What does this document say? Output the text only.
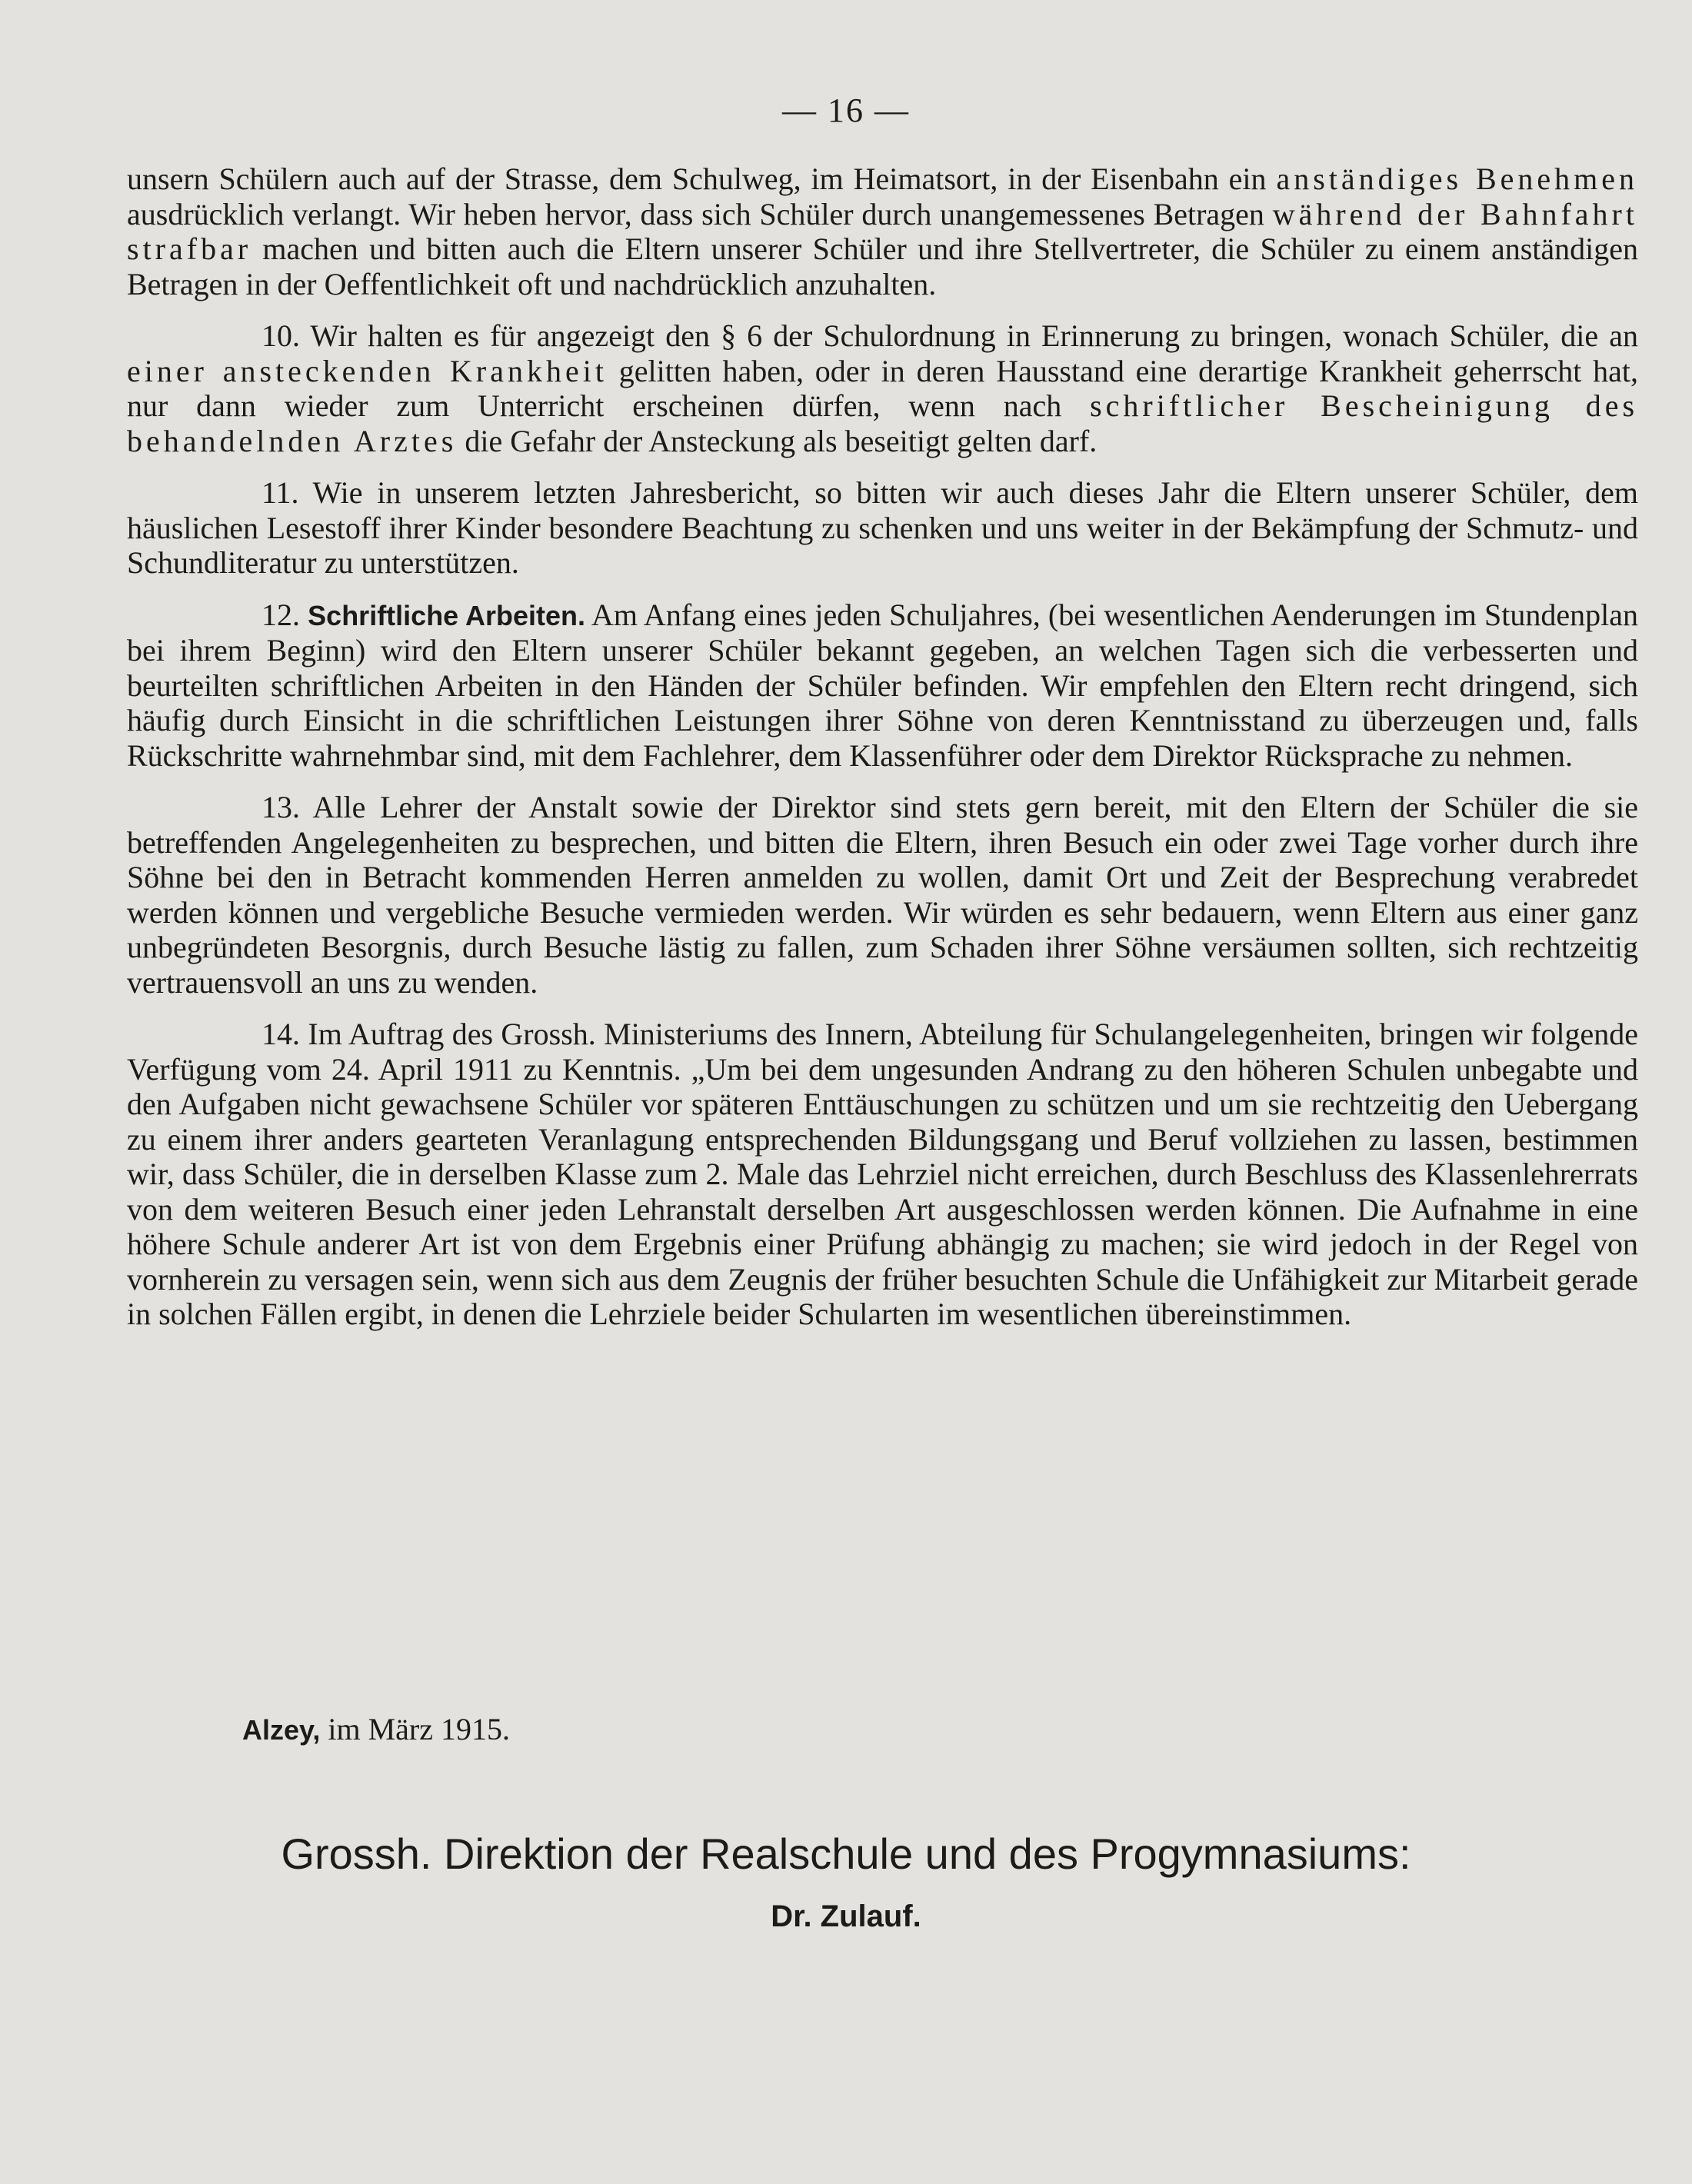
— 16 —

unsern Schülern auch auf der Strasse, dem Schulweg, im Heimatsort, in der Eisenbahn ein anständiges Benehmen ausdrücklich verlangt. Wir heben hervor, dass sich Schüler durch unangemessenes Betragen während der Bahnfahrt strafbar machen und bitten auch die Eltern unserer Schüler und ihre Stellvertreter, die Schüler zu einem anständigen Betragen in der Oeffentlichkeit oft und nachdrücklich anzuhalten.

10. Wir halten es für angezeigt den § 6 der Schulordnung in Erinnerung zu bringen, wonach Schüler, die an einer ansteckenden Krankheit gelitten haben, oder in deren Hausstand eine derartige Krankheit geherrscht hat, nur dann wieder zum Unterricht erscheinen dürfen, wenn nach schriftlicher Bescheinigung des behandelnden Arztes die Gefahr der Ansteckung als beseitigt gelten darf.

11. Wie in unserem letzten Jahresbericht, so bitten wir auch dieses Jahr die Eltern unserer Schüler, dem häuslichen Lesestoff ihrer Kinder besondere Beachtung zu schenken und uns weiter in der Bekämpfung der Schmutz- und Schundliteratur zu unterstützen.

12. Schriftliche Arbeiten. Am Anfang eines jeden Schuljahres, (bei wesentlichen Aenderungen im Stundenplan bei ihrem Beginn) wird den Eltern unserer Schüler bekannt gegeben, an welchen Tagen sich die verbesserten und beurteilten schriftlichen Arbeiten in den Händen der Schüler befinden. Wir empfehlen den Eltern recht dringend, sich häufig durch Einsicht in die schriftlichen Leistungen ihrer Söhne von deren Kenntnisstand zu überzeugen und, falls Rückschritte wahrnehmbar sind, mit dem Fachlehrer, dem Klassenführer oder dem Direktor Rücksprache zu nehmen.

13. Alle Lehrer der Anstalt sowie der Direktor sind stets gern bereit, mit den Eltern der Schüler die sie betreffenden Angelegenheiten zu besprechen, und bitten die Eltern, ihren Besuch ein oder zwei Tage vorher durch ihre Söhne bei den in Betracht kommenden Herren anmelden zu wollen, damit Ort und Zeit der Besprechung verabredet werden können und vergebliche Besuche vermieden werden. Wir würden es sehr bedauern, wenn Eltern aus einer ganz unbegründeten Besorgnis, durch Besuche lästig zu fallen, zum Schaden ihrer Söhne versäumen sollten, sich rechtzeitig vertrauensvoll an uns zu wenden.

14. Im Auftrag des Grossh. Ministeriums des Innern, Abteilung für Schulangelegenheiten, bringen wir folgende Verfügung vom 24. April 1911 zu Kenntnis. „Um bei dem ungesunden Andrang zu den höheren Schulen unbegabte und den Aufgaben nicht gewachsene Schüler vor späteren Enttäuschungen zu schützen und um sie rechtzeitig den Uebergang zu einem ihrer anders gearteten Veranlagung entsprechenden Bildungsgang und Beruf vollziehen zu lassen, bestimmen wir, dass Schüler, die in derselben Klasse zum 2. Male das Lehrziel nicht erreichen, durch Beschluss des Klassenlehrerrats von dem weiteren Besuch einer jeden Lehranstalt derselben Art ausgeschlossen werden können. Die Aufnahme in eine höhere Schule anderer Art ist von dem Ergebnis einer Prüfung abhängig zu machen; sie wird jedoch in der Regel von vornherein zu versagen sein, wenn sich aus dem Zeugnis der früher besuchten Schule die Unfähigkeit zur Mitarbeit gerade in solchen Fällen ergibt, in denen die Lehrziele beider Schularten im wesentlichen übereinstimmen.

Alzey, im März 1915.
Grossh. Direktion der Realschule und des Progymnasiums:
Dr. Zulauf.
